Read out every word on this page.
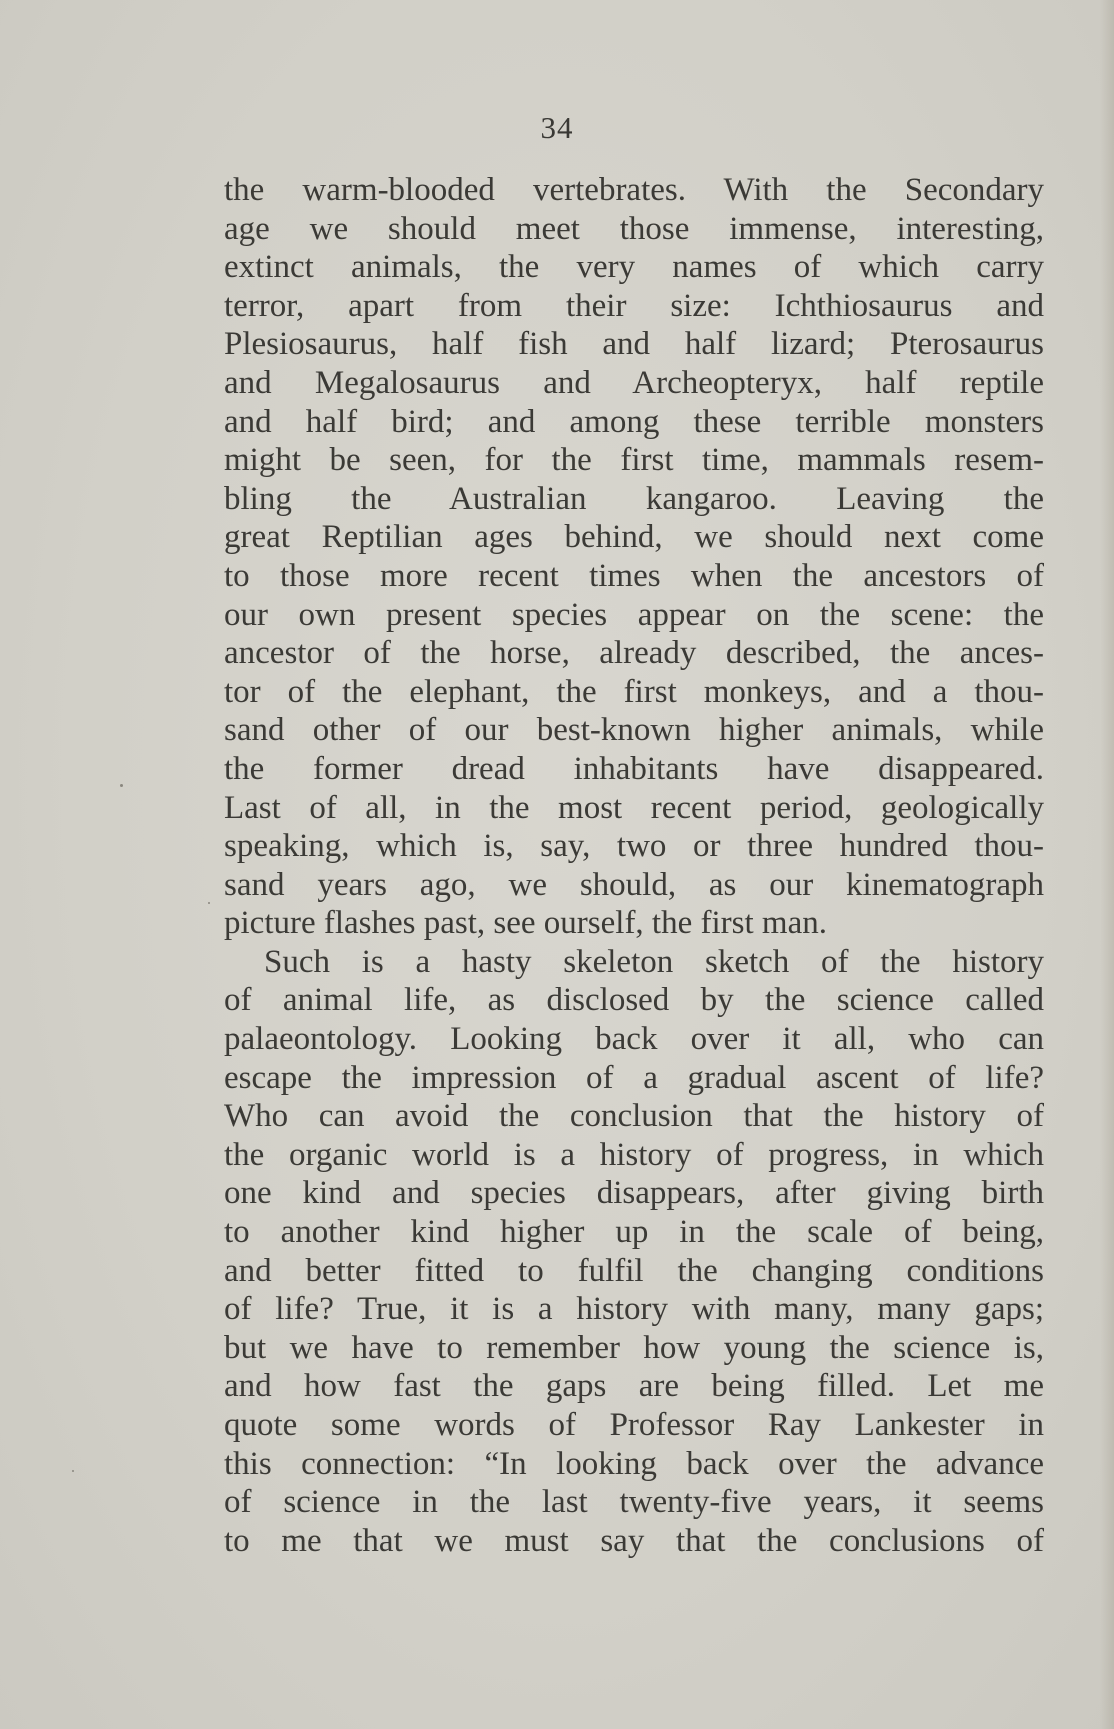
34
the warm-blooded vertebrates. With the Secondary
age we should meet those immense, interesting,
extinct animals, the very names of which carry
terror, apart from their size: Ichthiosaurus and
Plesiosaurus, half fish and half lizard; Pterosaurus
and Megalosaurus and Archeopteryx, half reptile
and half bird; and among these terrible monsters
might be seen, for the first time, mammals resem-
bling the Australian kangaroo. Leaving the
great Reptilian ages behind, we should next come
to those more recent times when the ancestors of
our own present species appear on the scene: the
ancestor of the horse, already described, the ances-
tor of the elephant, the first monkeys, and a thou-
sand other of our best-known higher animals, while
the former dread inhabitants have disappeared.
Last of all, in the most recent period, geologically
speaking, which is, say, two or three hundred thou-
sand years ago, we should, as our kinematograph
picture flashes past, see ourself, the first man.
Such is a hasty skeleton sketch of the history
of animal life, as disclosed by the science called
palaeontology. Looking back over it all, who can
escape the impression of a gradual ascent of life?
Who can avoid the conclusion that the history of
the organic world is a history of progress, in which
one kind and species disappears, after giving birth
to another kind higher up in the scale of being,
and better fitted to fulfil the changing conditions
of life? True, it is a history with many, many gaps;
but we have to remember how young the science is,
and how fast the gaps are being filled. Let me
quote some words of Professor Ray Lankester in
this connection: “In looking back over the advance
of science in the last twenty-five years, it seems
to me that we must say that the conclusions of
